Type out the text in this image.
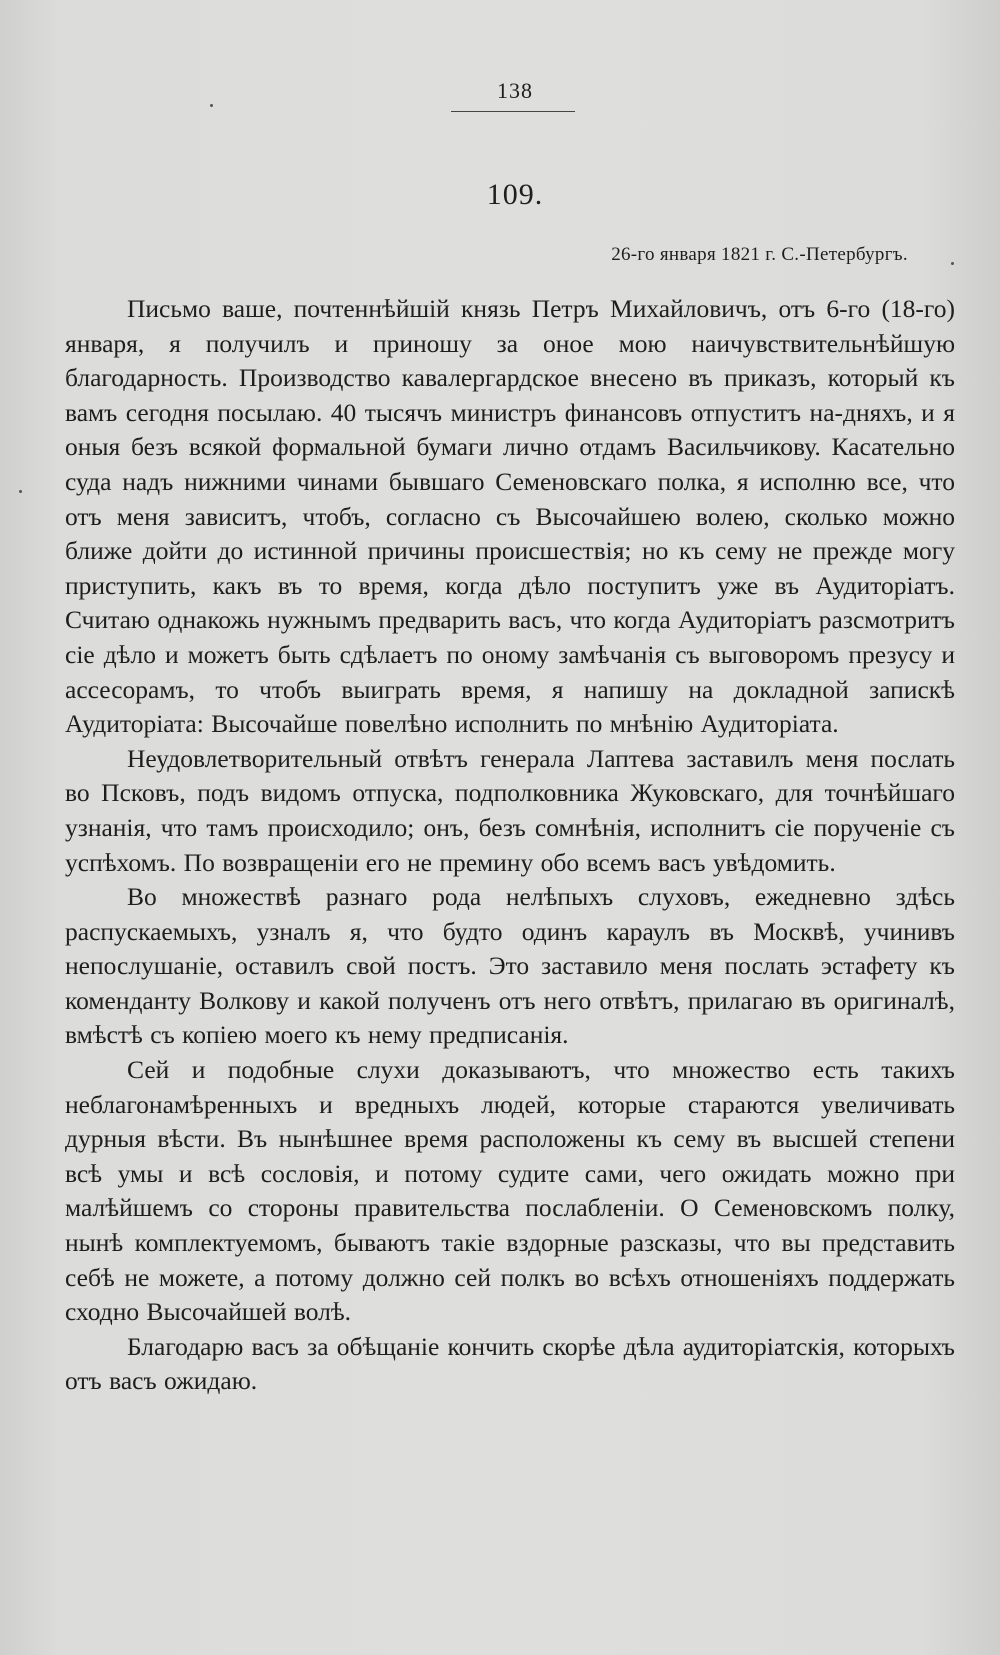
138
109.
26-го января 1821 г. С.-Петербургъ.

Письмо ваше, почтеннѣйшій князь Петръ Михайловичъ, отъ 6-го (18-го) января, я получилъ и приношу за оное мою наичувствительнѣйшую благодарность. Производство кавалергардское внесено въ приказъ, который къ вамъ сегодня посылаю. 40 тысячъ министръ финансовъ отпуститъ на-дняхъ, и я оныя безъ всякой формальной бумаги лично отдамъ Васильчикову. Касательно суда надъ нижними чинами бывшаго Семеновскаго полка, я исполню все, что отъ меня зависитъ, чтобъ, согласно съ Высочайшею волею, сколько можно ближе дойти до истинной причины происшествія; но къ сему не прежде могу приступить, какъ въ то время, когда дѣло поступитъ уже въ Аудиторіатъ. Считаю однакожь нужнымъ предварить васъ, что когда Аудиторіатъ разсмотритъ сіе дѣло и можетъ быть сдѣлаетъ по оному замѣчанія съ выговоромъ презусу и ассесорамъ, то чтобъ выиграть время, я напишу на докладной запискѣ Аудиторіата: Высочайше повелѣно исполнить по мнѣнію Аудиторіата.

Неудовлетворительный отвѣтъ генерала Лаптева заставилъ меня послать во Псковъ, подъ видомъ отпуска, подполковника Жуковскаго, для точнѣйшаго узнанія, что тамъ происходило; онъ, безъ сомнѣнія, исполнитъ сіе порученіе съ успѣхомъ. По возвращеніи его не премину обо всемъ васъ увѣдомить.

Во множествѣ разнаго рода нелѣпыхъ слуховъ, ежедневно здѣсь распускаемыхъ, узналъ я, что будто одинъ караулъ въ Москвѣ, учинивъ непослушаніе, оставилъ свой постъ. Это заставило меня послать эстафету къ коменданту Волкову и какой полученъ отъ него отвѣтъ, прилагаю въ оригиналѣ, вмѣстѣ съ копіею моего къ нему предписанія.

Сей и подобные слухи доказываютъ, что множество есть такихъ неблагонамѣренныхъ и вредныхъ людей, которые стараются увеличивать дурныя вѣсти. Въ нынѣшнее время расположены къ сему въ высшей степени всѣ умы и всѣ сословія, и потому судите сами, чего ожидать можно при малѣйшемъ со стороны правительства послабленіи. О Семеновскомъ полку, нынѣ комплектуемомъ, бываютъ такіе вздорные разсказы, что вы представить себѣ не можете, а потому должно сей полкъ во всѣхъ отношеніяхъ поддержать сходно Высочайшей волѣ.

Благодарю васъ за обѣщаніе кончить скорѣе дѣла аудиторіатскія, которыхъ отъ васъ ожидаю.
